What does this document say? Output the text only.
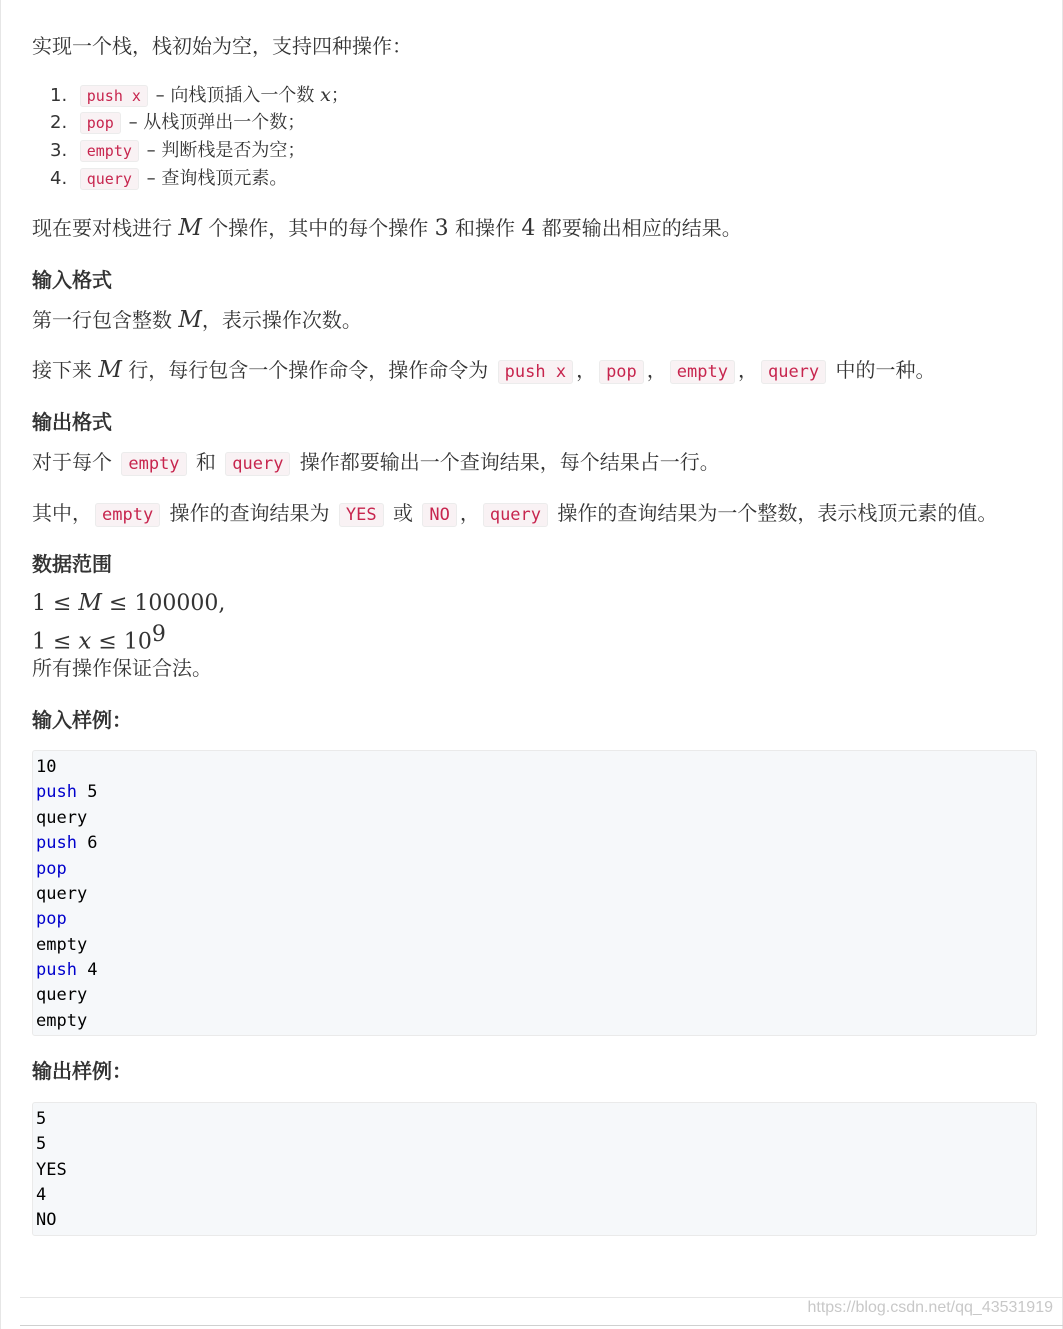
实现一个栈，栈初始为空，支持四种操作：
1. push x – 向栈顶插入一个数 x；
2. pop – 从栈顶弹出一个数；
3. empty – 判断栈是否为空；
4. query – 查询栈顶元素。
现在要对栈进行 M 个操作，其中的每个操作 3 和操作 4 都要输出相应的结果。
输入格式
第一行包含整数 M，表示操作次数。
接下来 M 行，每行包含一个操作命令，操作命令为 push x ， pop ， empty ， query 中的一种。
输出格式
对于每个 empty 和 query 操作都要输出一个查询结果，每个结果占一行。
其中， empty 操作的查询结果为 YES 或 NO ， query 操作的查询结果为一个整数，表示栈顶元素的值。
数据范围
1 ≤ M ≤ 100000,
$1 \le x \le 10^9$
所有操作保证合法。
输入样例：
10
push 5
query
push 6
pop
query
pop
empty
push 4
query
empty
输出样例：
5
5
YES
4
NO
https://blog.csdn.net/qq_43531919
